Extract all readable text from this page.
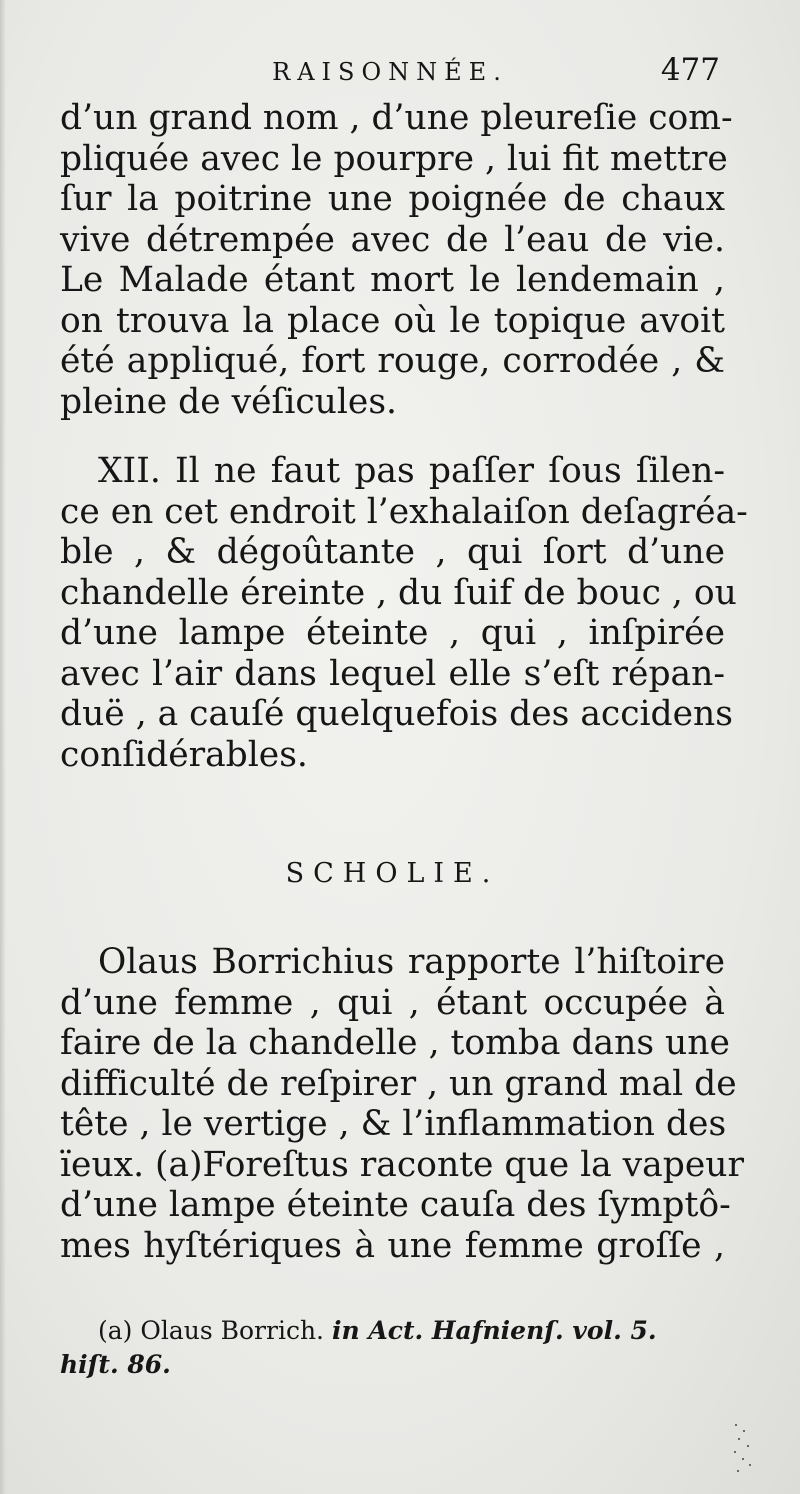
RAISONNÉE.	477
d’un grand nom , d’une pleureſie com-
pliquée avec le pourpre , lui fit mettre
ſur la poitrine une poignée de chaux
vive détrempée avec de l’eau de vie.
Le Malade étant mort le lendemain ,
on trouva la place où le topique avoit
été appliqué, fort rouge, corrodée , &
pleine de véſicules.
XII. Il ne faut pas paſſer ſous ſilen-
ce en cet endroit l’exhalaiſon deſagréa-
ble , & dégoûtante , qui ſort d’une
chandelle éreinte , du ſuif de bouc , ou
d’une lampe éteinte , qui , inſpirée
avec l’air dans lequel elle s’eſt répan-
duë , a cauſé quelquefois des accidens
conſidérables.
SCHOLIE.
Olaus Borrichius rapporte l’hiſtoire
d’une femme , qui , étant occupée à
faire de la chandelle , tomba dans une
difficulté de reſpirer , un grand mal de
tête , le vertige , & l’inflammation des
ïeux. (a)Foreſtus raconte que la vapeur
d’une lampe éteinte cauſa des ſymptô-
mes hyſtériques à une femme groſſe ,
(a) Olaus Borrich. in Act. Hafnienſ. vol. 5.
hiſt. 86.
